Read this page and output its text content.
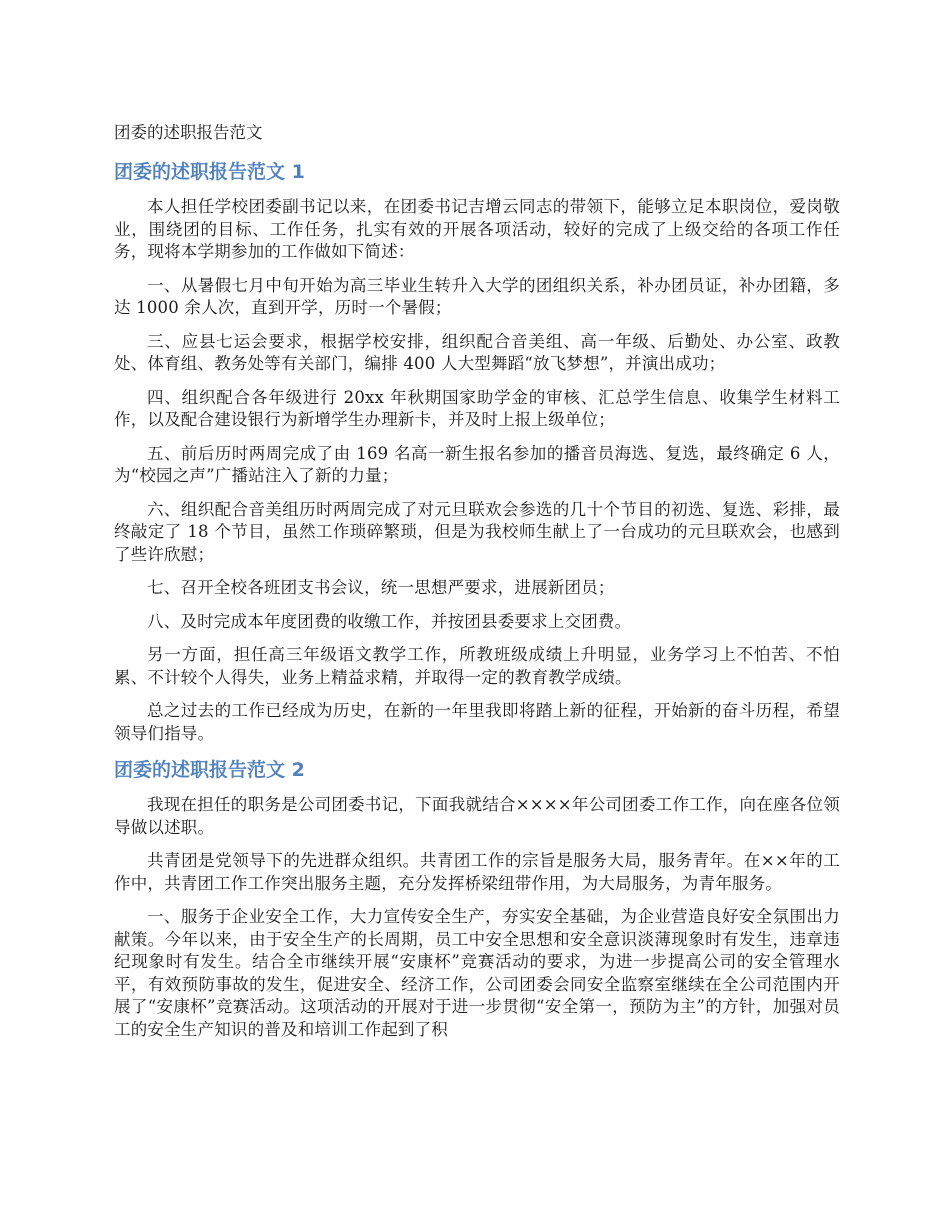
团委的述职报告范文
团委的述职报告范文 1

本人担任学校团委副书记以来，在团委书记吉增云同志的带领下，能够立足本职岗位，爱岗敬业，围绕团的目标、工作任务，扎实有效的开展各项活动，较好的完成了上级交给的各项工作任务，现将本学期参加的工作做如下简述：

一、从暑假七月中旬开始为高三毕业生转升入大学的团组织关系，补办团员证，补办团籍，多达 1000 余人次，直到开学，历时一个暑假；

三、应县七运会要求，根据学校安排，组织配合音美组、高一年级、后勤处、办公室、政教处、体育组、教务处等有关部门，编排 400 人大型舞蹈“放飞梦想”，并演出成功；

四、组织配合各年级进行 20xx 年秋期国家助学金的审核、汇总学生信息、收集学生材料工作，以及配合建设银行为新增学生办理新卡，并及时上报上级单位；

五、前后历时两周完成了由 169 名高一新生报名参加的播音员海选、复选，最终确定 6 人，为“校园之声”广播站注入了新的力量；

六、组织配合音美组历时两周完成了对元旦联欢会参选的几十个节目的初选、复选、彩排，最终敲定了 18 个节目，虽然工作琐碎繁琐，但是为我校师生献上了一台成功的元旦联欢会，也感到了些许欣慰；

七、召开全校各班团支书会议，统一思想严要求，进展新团员；

八、及时完成本年度团费的收缴工作，并按团县委要求上交团费。

另一方面，担任高三年级语文教学工作，所教班级成绩上升明显，业务学习上不怕苦、不怕累、不计较个人得失，业务上精益求精，并取得一定的教育教学成绩。

总之过去的工作已经成为历史，在新的一年里我即将踏上新的征程，开始新的奋斗历程，希望领导们指导。

团委的述职报告范文 2

我现在担任的职务是公司团委书记，下面我就结合××××年公司团委工作工作，向在座各位领导做以述职。

共青团是党领导下的先进群众组织。共青团工作的宗旨是服务大局，服务青年。在××年的工作中，共青团工作工作突出服务主题，充分发挥桥梁纽带作用，为大局服务，为青年服务。

一、服务于企业安全工作，大力宣传安全生产，夯实安全基础，为企业营造良好安全氛围出力献策。今年以来，由于安全生产的长周期，员工中安全思想和安全意识淡薄现象时有发生，违章违纪现象时有发生。结合全市继续开展“安康杯”竞赛活动的要求，为进一步提高公司的安全管理水平，有效预防事故的发生，促进安全、经济工作，公司团委会同安全监察室继续在全公司范围内开展了“安康杯”竞赛活动。这项活动的开展对于进一步贯彻“安全第一，预防为主”的方针，加强对员工的安全生产知识的普及和培训工作起到了积
